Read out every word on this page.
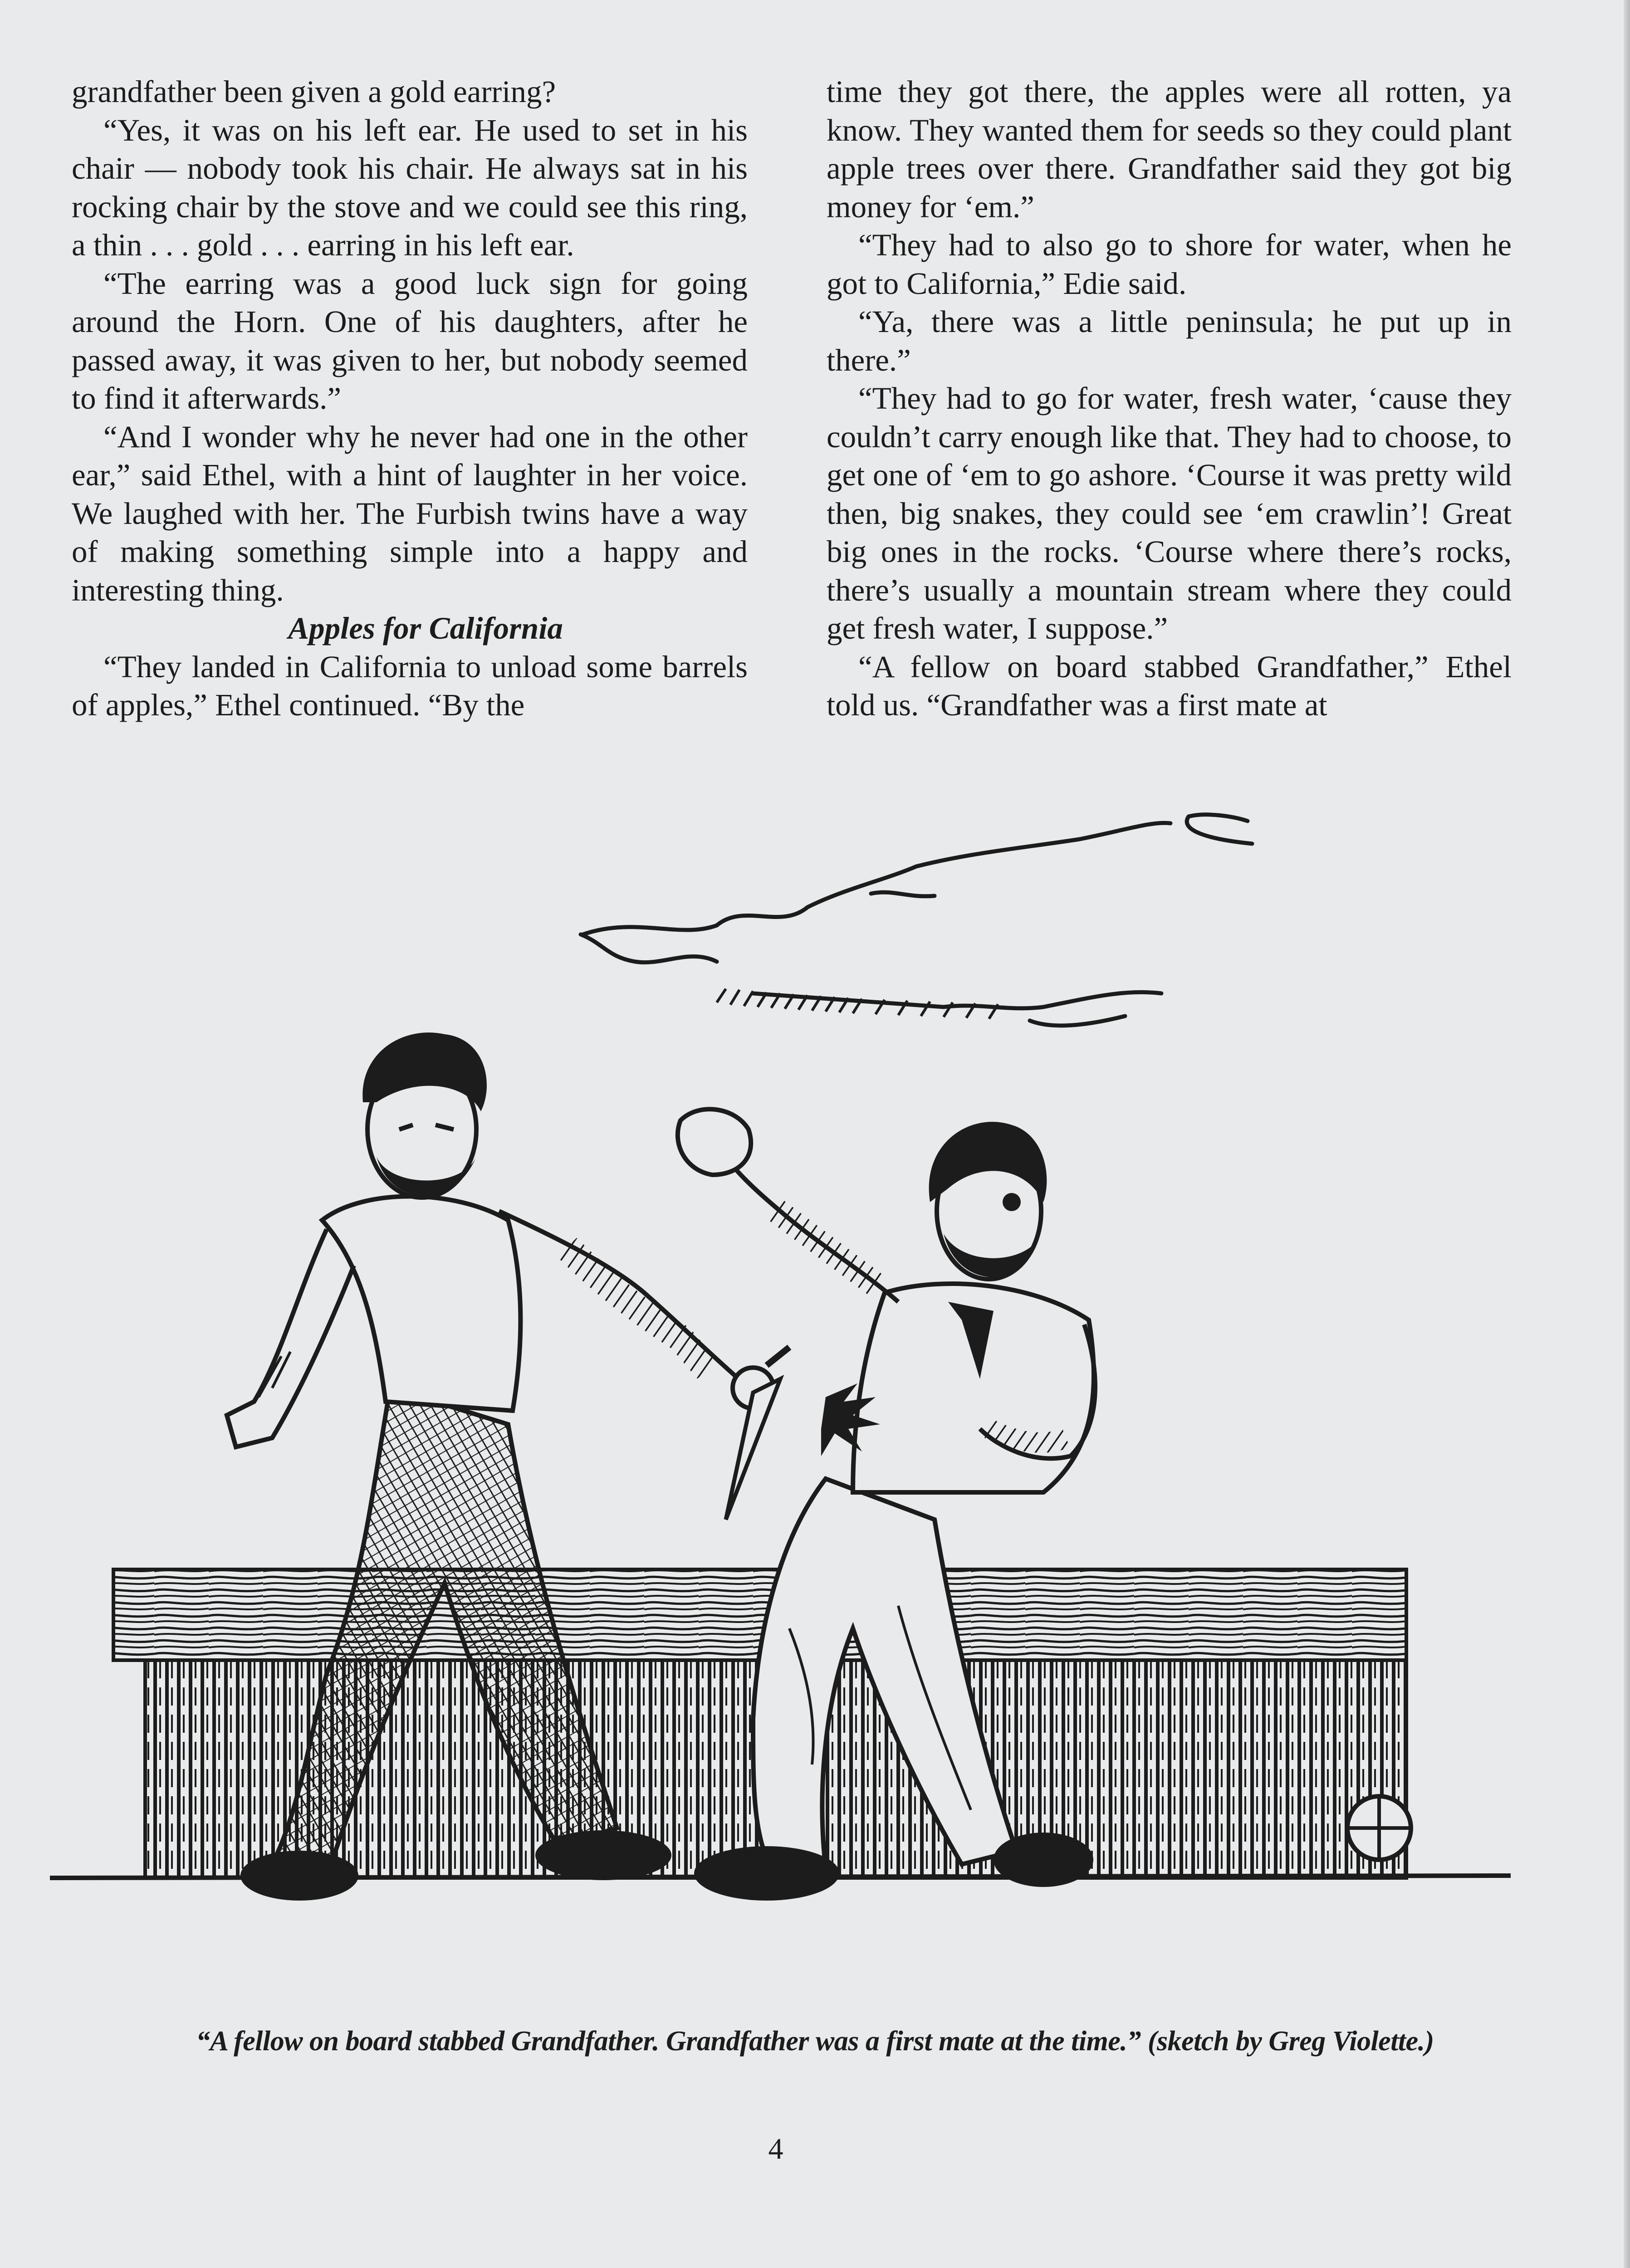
grandfather been given a gold earring?

“Yes, it was on his left ear. He used to set in his chair — nobody took his chair. He always sat in his rocking chair by the stove and we could see this ring, a thin . . . gold . . . earring in his left ear.

“The earring was a good luck sign for going around the Horn. One of his daughters, after he passed away, it was given to her, but nobody seemed to find it afterwards.”

“And I wonder why he never had one in the other ear,” said Ethel, with a hint of laughter in her voice. We laughed with her. The Furbish twins have a way of making something simple into a happy and interesting thing.

Apples for California

“They landed in California to unload some barrels of apples,” Ethel continued. “By the

time they got there, the apples were all rotten, ya know. They wanted them for seeds so they could plant apple trees over there. Grandfather said they got big money for ‘em.”

“They had to also go to shore for water, when he got to California,” Edie said.

“Ya, there was a little peninsula; he put up in there.”

“They had to go for water, fresh water, ‘cause they couldn’t carry enough like that. They had to choose, to get one of ‘em to go ashore. ‘Course it was pretty wild then, big snakes, they could see ‘em crawlin’! Great big ones in the rocks. ‘Course where there’s rocks, there’s usually a mountain stream where they could get fresh water, I suppose.”

“A fellow on board stabbed Grandfather,” Ethel told us. “Grandfather was a first mate at

“A fellow on board stabbed Grandfather. Grandfather was a first mate at the time.” (sketch by Greg Violette.)
4
